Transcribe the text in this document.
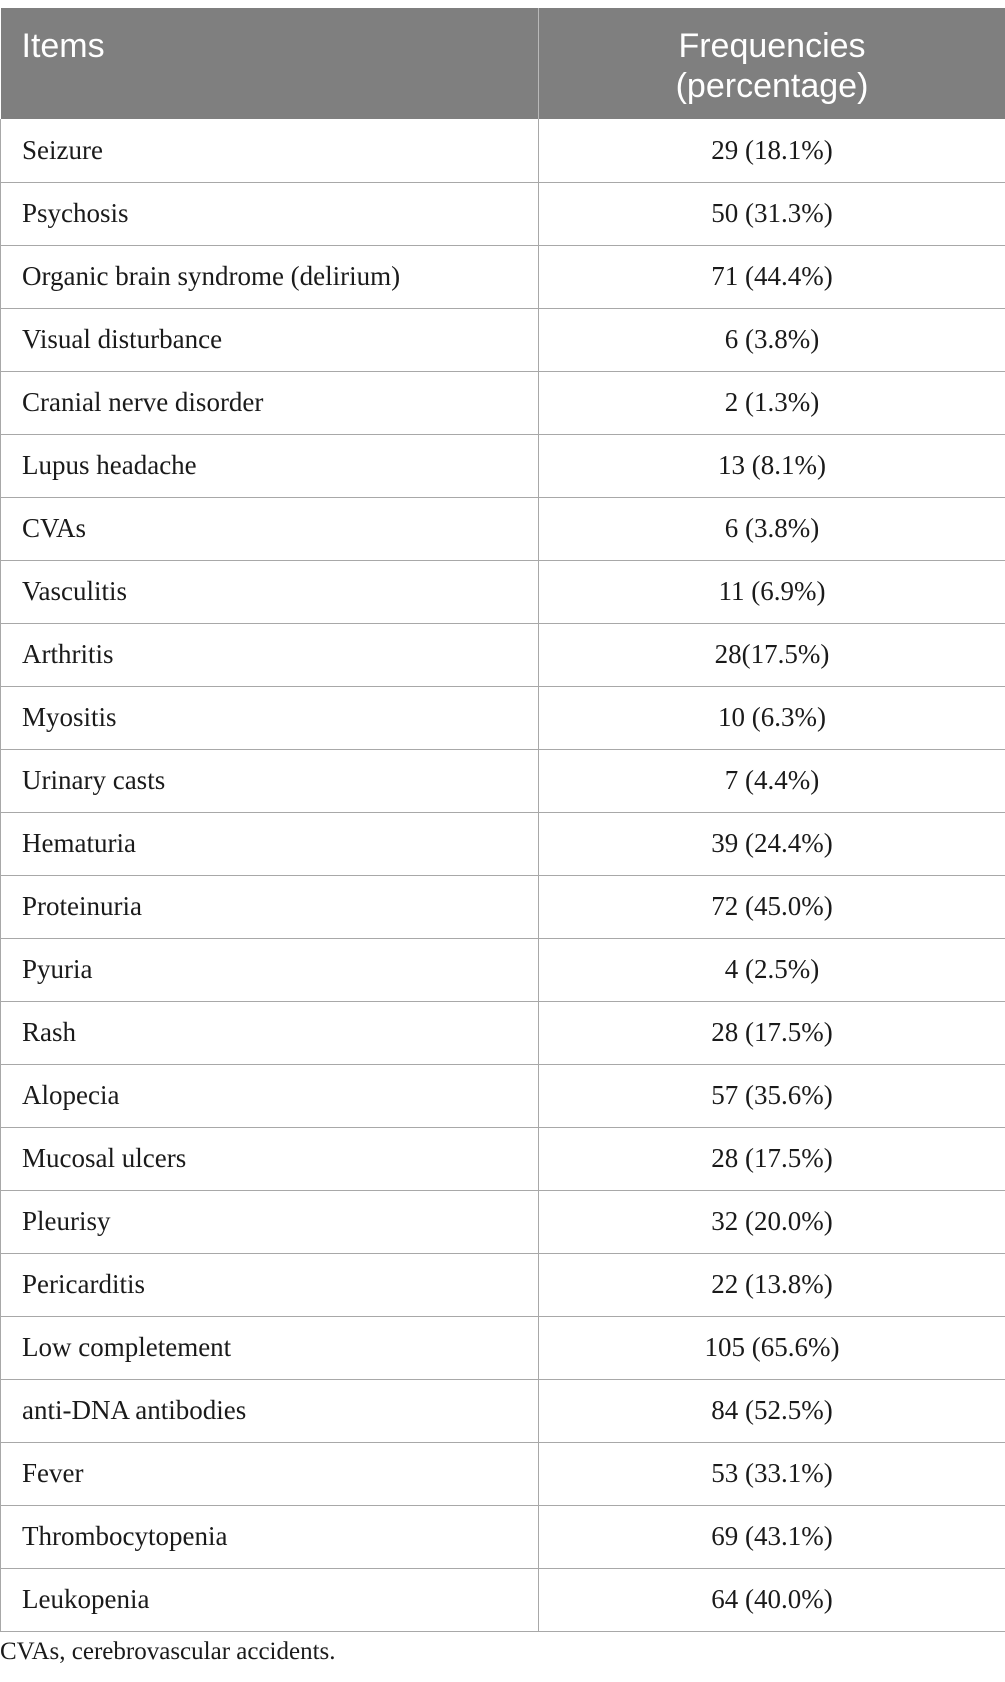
Items	Frequencies
(percentage)
Seizure	29 (18.1%)
Psychosis	50 (31.3%)
Organic brain syndrome (delirium)	71 (44.4%)
Visual disturbance	6 (3.8%)
Cranial nerve disorder	2 (1.3%)
Lupus headache	13 (8.1%)
CVAs	6 (3.8%)
Vasculitis	11 (6.9%)
Arthritis	28(17.5%)
Myositis	10 (6.3%)
Urinary casts	7 (4.4%)
Hematuria	39 (24.4%)
Proteinuria	72 (45.0%)
Pyuria	4 (2.5%)
Rash	28 (17.5%)
Alopecia	57 (35.6%)
Mucosal ulcers	28 (17.5%)
Pleurisy	32 (20.0%)
Pericarditis	22 (13.8%)
Low completement	105 (65.6%)
anti-DNA antibodies	84 (52.5%)
Fever	53 (33.1%)
Thrombocytopenia	69 (43.1%)
Leukopenia	64 (40.0%)
CVAs, cerebrovascular accidents.
